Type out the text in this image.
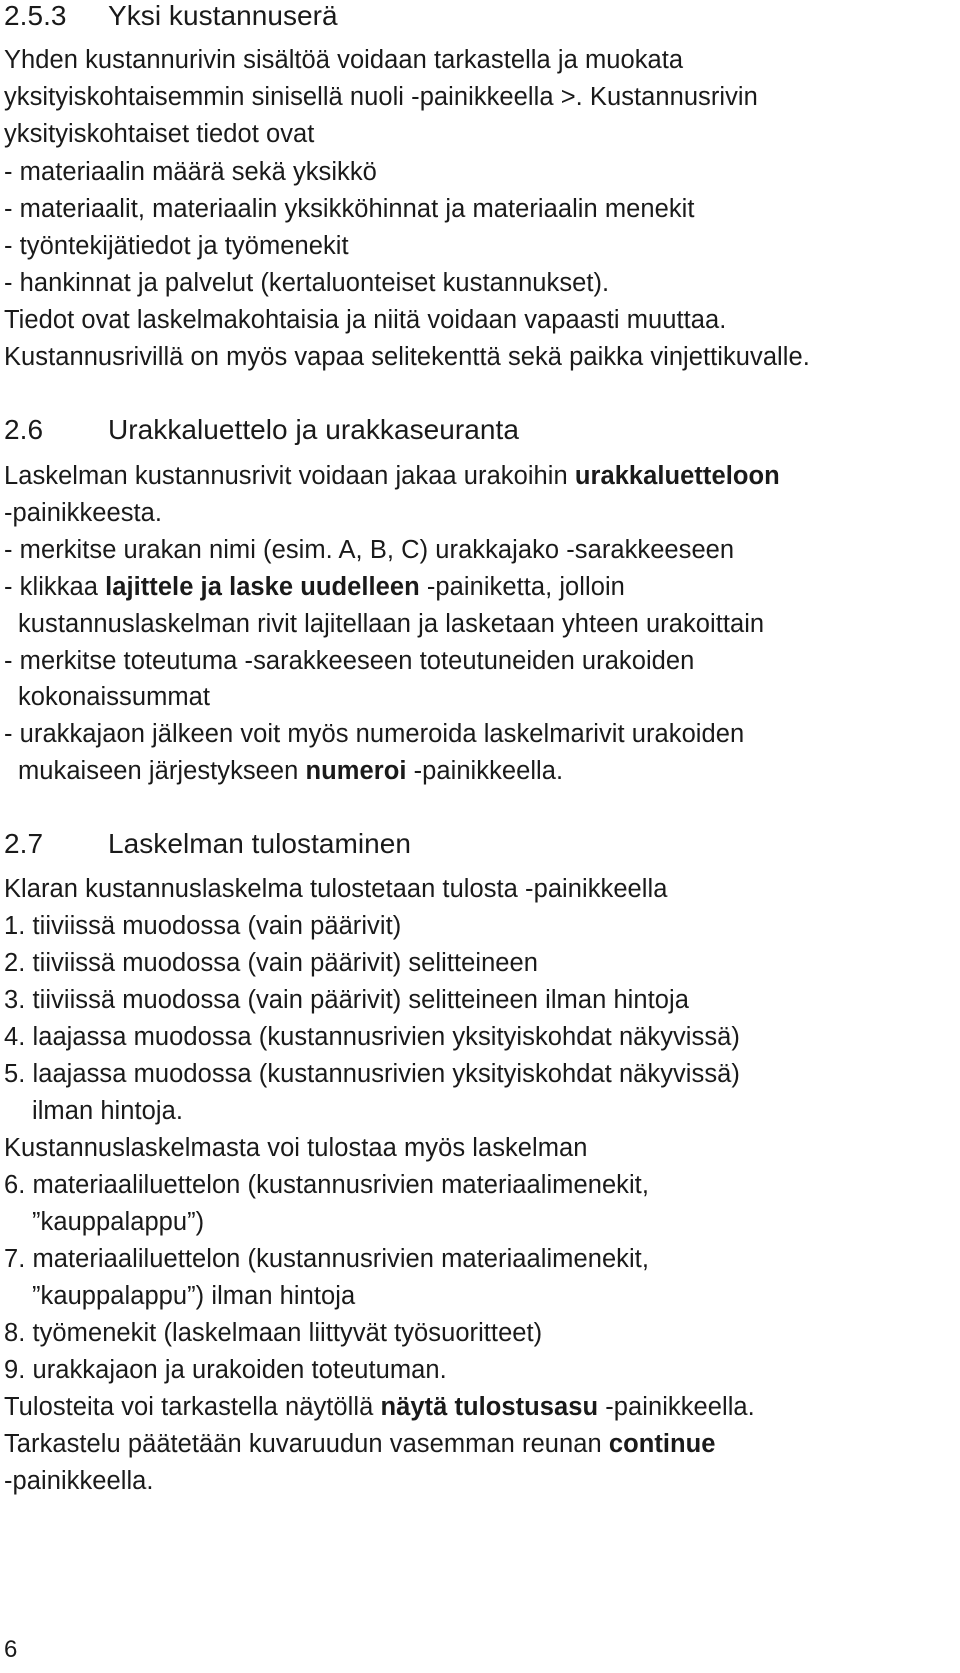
2.5.3 Yksi kustannuserä
Yhden kustannurivin sisältöä voidaan tarkastella ja muokata
yksityiskohtaisemmin sinisellä nuoli -painikkeella >. Kustannusrivin
yksityiskohtaiset tiedot ovat
- materiaalin määrä sekä yksikkö
- materiaalit, materiaalin yksikköhinnat ja materiaalin menekit
- työntekijätiedot ja työmenekit
- hankinnat ja palvelut (kertaluonteiset kustannukset).
Tiedot ovat laskelmakohtaisia ja niitä voidaan vapaasti muuttaa.
Kustannusrivillä on myös vapaa selitekenttä sekä paikka vinjettikuvalle.
2.6 Urakkaluettelo ja urakkaseuranta
Laskelman kustannusrivit voidaan jakaa urakoihin urakkaluetteloon
-painikkeesta.
- merkitse urakan nimi (esim. A, B, C) urakkajako -sarakkeeseen
- klikkaa lajittele ja laske uudelleen -painiketta, jolloin
kustannuslaskelman rivit lajitellaan ja lasketaan yhteen urakoittain
- merkitse toteutuma -sarakkeeseen toteutuneiden urakoiden
kokonaissummat
- urakkajaon jälkeen voit myös numeroida laskelmarivit urakoiden
mukaiseen järjestykseen numeroi -painikkeella.
2.7 Laskelman tulostaminen
Klaran kustannuslaskelma tulostetaan tulosta -painikkeella
1. tiiviissä muodossa (vain päärivit)
2. tiiviissä muodossa (vain päärivit) selitteineen
3. tiiviissä muodossa (vain päärivit) selitteineen ilman hintoja
4. laajassa muodossa (kustannusrivien yksityiskohdat näkyvissä)
5. laajassa muodossa (kustannusrivien yksityiskohdat näkyvissä)
ilman hintoja.
Kustannuslaskelmasta voi tulostaa myös laskelman
6. materiaaliluettelon (kustannusrivien materiaalimenekit,
”kauppalappu”)
7. materiaaliluettelon (kustannusrivien materiaalimenekit,
”kauppalappu”) ilman hintoja
8. työmenekit (laskelmaan liittyvät työsuoritteet)
9. urakkajaon ja urakoiden toteutuman.
Tulosteita voi tarkastella näytöllä näytä tulostusasu -painikkeella.
Tarkastelu päätetään kuvaruudun vasemman reunan continue
-painikkeella.
6
